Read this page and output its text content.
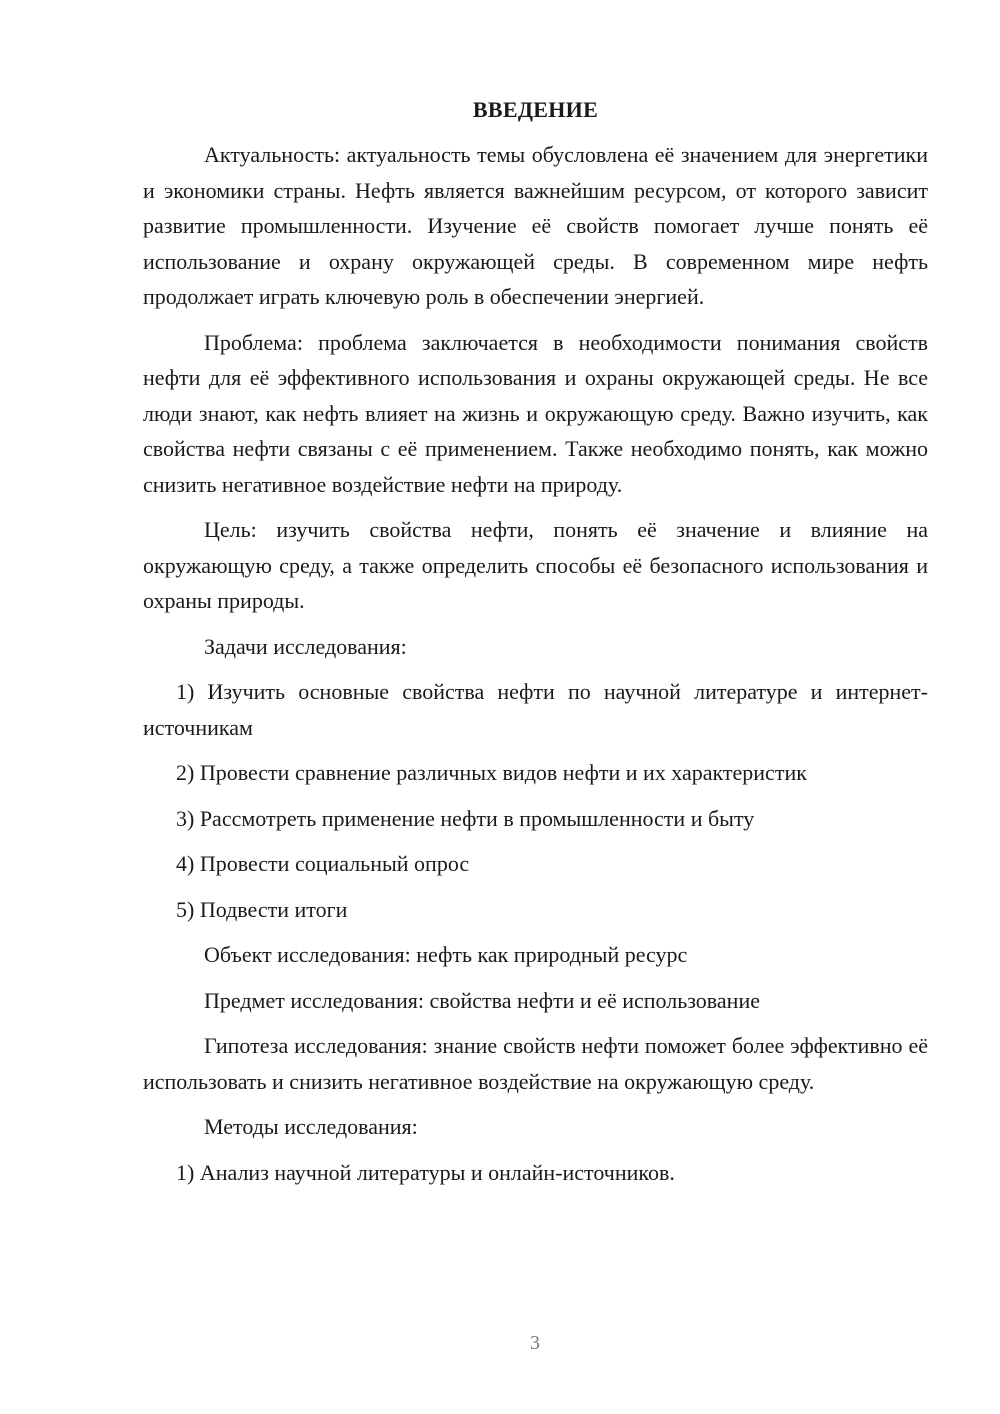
ВВЕДЕНИЕ

Актуальность: актуальность темы обусловлена её значением для энергетики и экономики страны. Нефть является важнейшим ресурсом, от которого зависит развитие промышленности. Изучение её свойств помогает лучше понять её использование и охрану окружающей среды. В современном мире нефть продолжает играть ключевую роль в обеспечении энергией.

Проблема: проблема заключается в необходимости понимания свойств нефти для её эффективного использования и охраны окружающей среды. Не все люди знают, как нефть влияет на жизнь и окружающую среду. Важно изучить, как свойства нефти связаны с её применением. Также необходимо понять, как можно снизить негативное воздействие нефти на природу.

Цель: изучить свойства нефти, понять её значение и влияние на окружающую среду, а также определить способы её безопасного использования и охраны природы.

Задачи исследования:

1) Изучить основные свойства нефти по научной литературе и интернет-источникам

2) Провести сравнение различных видов нефти и их характеристик

3) Рассмотреть применение нефти в промышленности и быту

4) Провести социальный опрос

5) Подвести итоги

Объект исследования: нефть как природный ресурс

Предмет исследования: свойства нефти и её использование

Гипотеза исследования: знание свойств нефти поможет более эффективно её использовать и снизить негативное воздействие на окружающую среду.

Методы исследования:

1) Анализ научной литературы и онлайн-источников.

3
